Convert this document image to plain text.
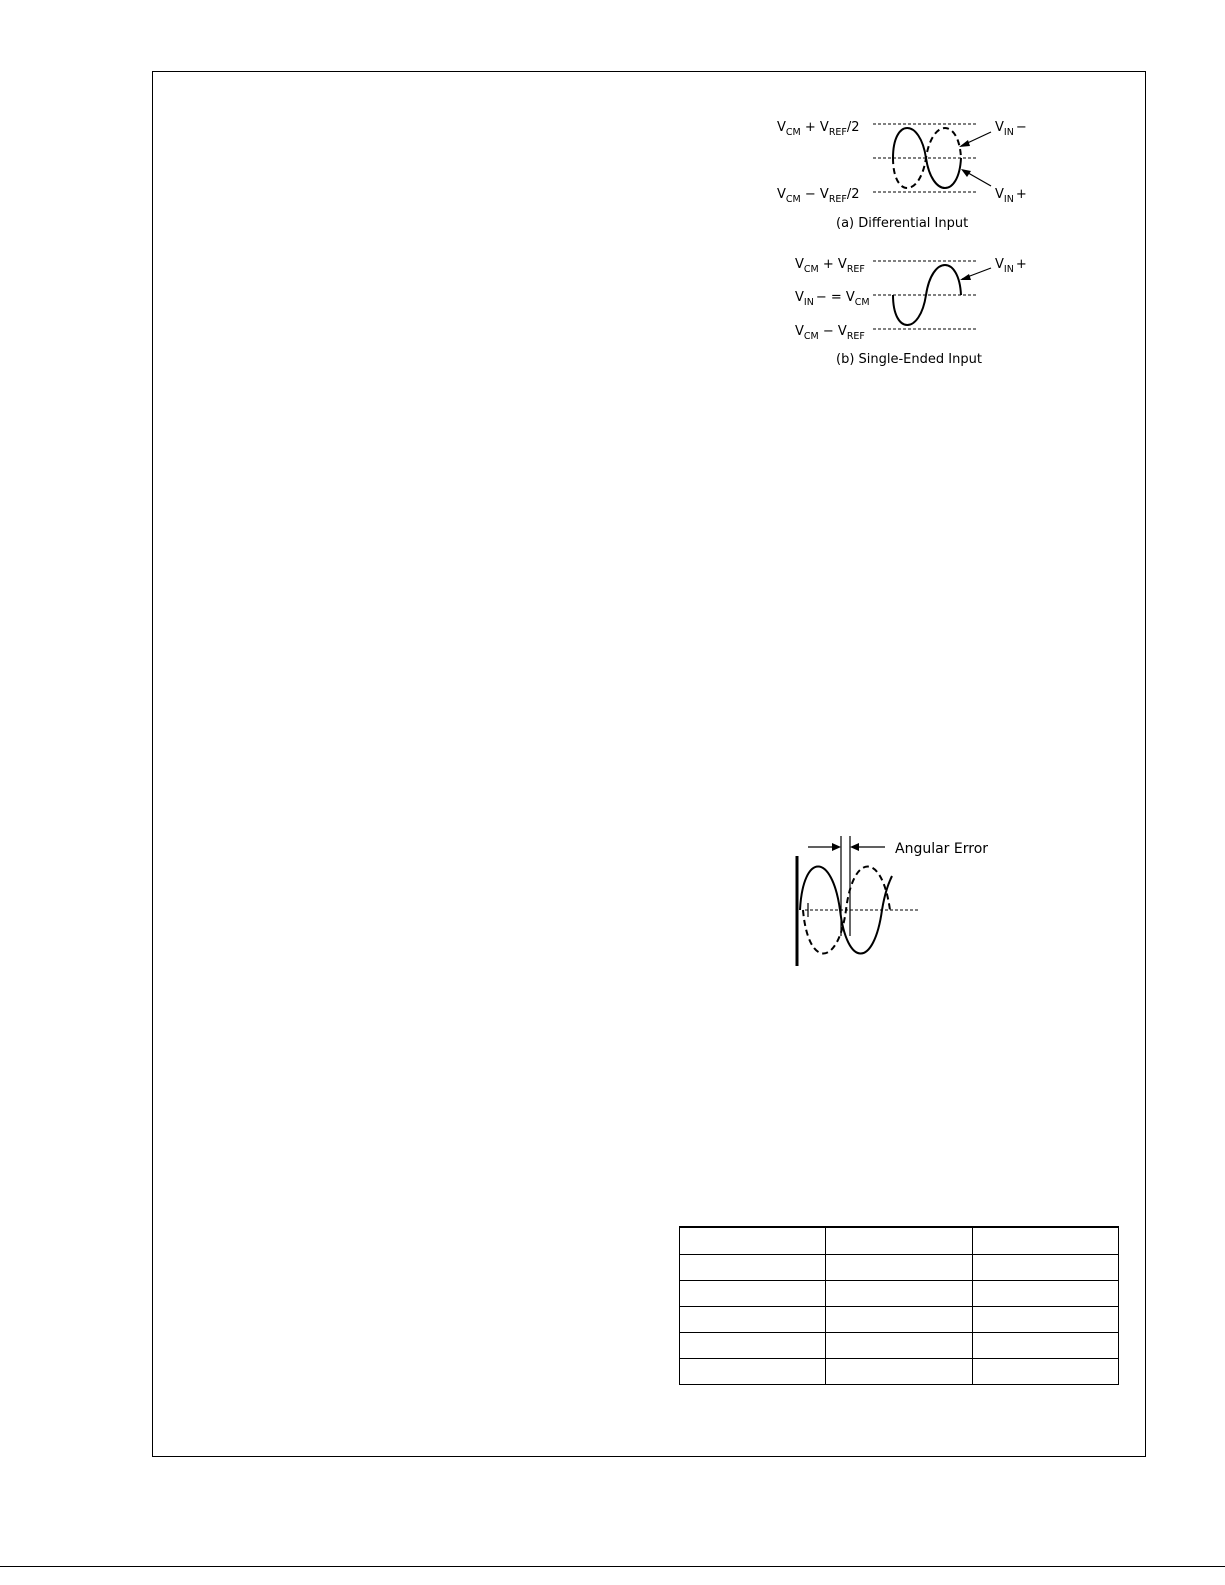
$V_{CM} + V_{REF}/2$
$V_{CM} - V_{REF}/2$
$V_{IN}$ −
$V_{IN}$ +
(a) Differential Input
$V_{CM} + V_{REF}$
$V_{IN}$ − = $V_{CM}$
$V_{CM} - V_{REF}$
$V_{IN}$ +
(b) Single-Ended Input
Angular Error
